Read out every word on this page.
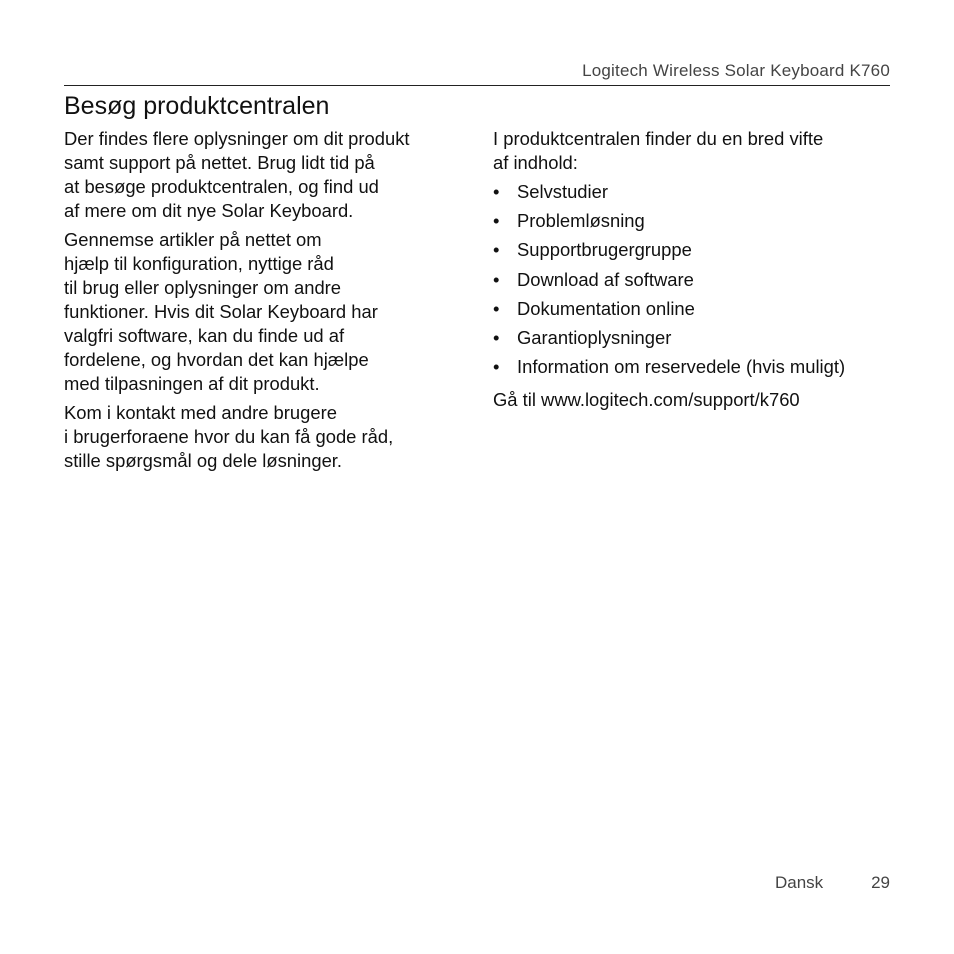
Logitech Wireless Solar Keyboard K760
Besøg produktcentralen

Der findes flere oplysninger om dit produkt
samt support på nettet. Brug lidt tid på
at besøge produktcentralen, og find ud
af mere om dit nye Solar Keyboard.

Gennemse artikler på nettet om
hjælp til konfiguration, nyttige råd
til brug eller oplysninger om andre
funktioner. Hvis dit Solar Keyboard har
valgfri software, kan du finde ud af
fordelene, og hvordan det kan hjælpe
med tilpasningen af dit produkt.

Kom i kontakt med andre brugere
i brugerforaene hvor du kan få gode råd,
stille spørgsmål og dele løsninger.

I produktcentralen finder du en bred vifte
af indhold:

• Selvstudier
• Problemløsning
• Supportbrugergruppe
• Download af software
• Dokumentation online
• Garantioplysninger
• Information om reservedele (hvis muligt)

Gå til www.logitech.com/support/k760

Dansk	29
